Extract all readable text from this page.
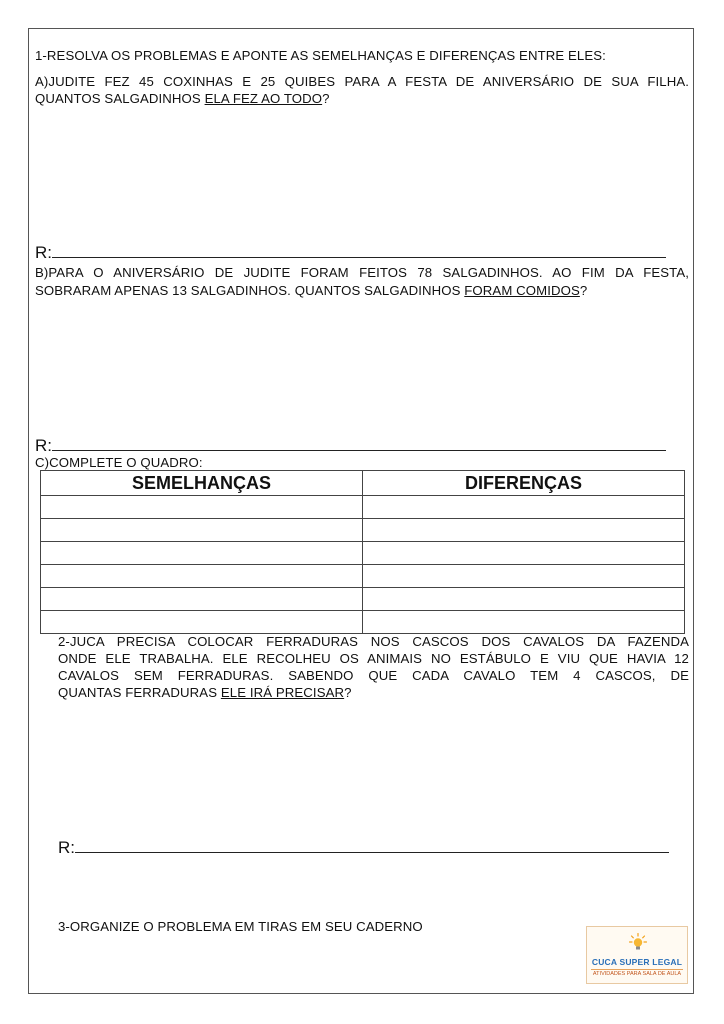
1-RESOLVA OS PROBLEMAS E APONTE AS SEMELHANÇAS E DIFERENÇAS ENTRE ELES:
A)JUDITE FEZ 45 COXINHAS E 25 QUIBES PARA A FESTA DE ANIVERSÁRIO DE SUA FILHA.
QUANTOS SALGADINHOS ELA FEZ AO TODO?
R:
B)PARA O ANIVERSÁRIO DE JUDITE FORAM FEITOS 78 SALGADINHOS. AO FIM DA FESTA,
SOBRARAM APENAS 13 SALGADINHOS. QUANTOS SALGADINHOS FORAM COMIDOS?
R:
C)COMPLETE O QUADRO:
SEMELHANÇAS	DIFERENÇAS

2-JUCA PRECISA COLOCAR FERRADURAS NOS CASCOS DOS CAVALOS DA FAZENDA
ONDE ELE TRABALHA. ELE RECOLHEU OS ANIMAIS NO ESTÁBULO E VIU QUE HAVIA 12
CAVALOS SEM FERRADURAS. SABENDO QUE CADA CAVALO TEM 4 CASCOS, DE
QUANTAS FERRADURAS ELE IRÁ PRECISAR?
R:
3-ORGANIZE O PROBLEMA EM TIRAS EM SEU CADERNO
CUCA SUPER LEGAL
ATIVIDADES PARA SALA DE AULA
